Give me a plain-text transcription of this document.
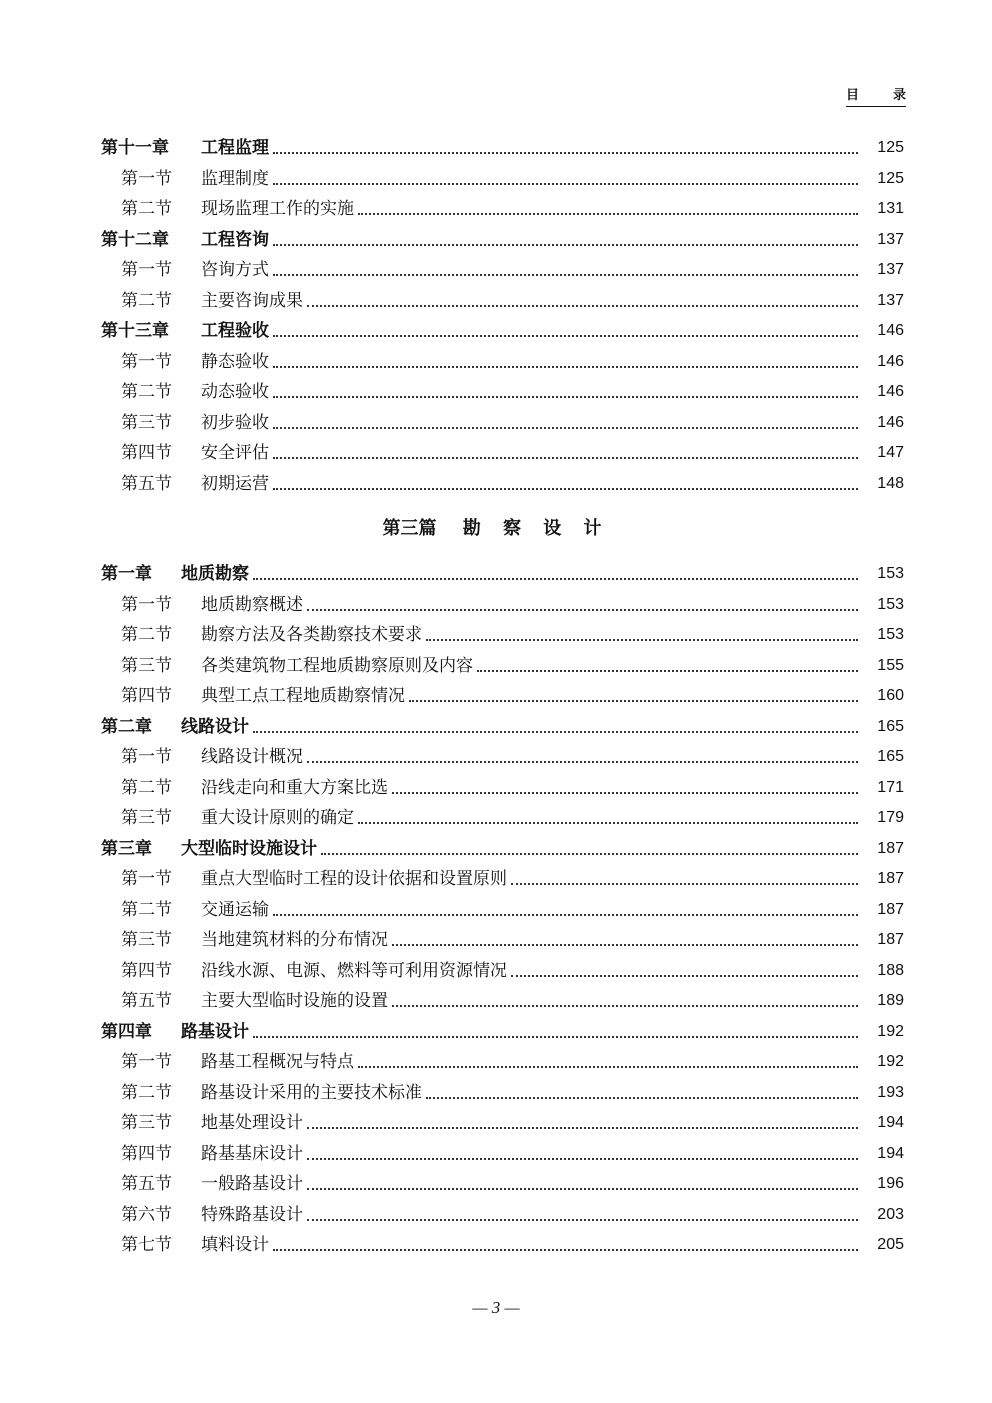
目	录
第十一章	工程监理	125
第一节	监理制度	125
第二节	现场监理工作的实施	131
第十二章	工程咨询	137
第一节	咨询方式	137
第二节	主要咨询成果	137
第十三章	工程验收	146
第一节	静态验收	146
第二节	动态验收	146
第三节	初步验收	146
第四节	安全评估	147
第五节	初期运营	148
第一章	地质勘察	153
第一节	地质勘察概述	153
第二节	勘察方法及各类勘察技术要求	153
第三节	各类建筑物工程地质勘察原则及内容	155
第四节	典型工点工程地质勘察情况	160
第二章	线路设计	165
第一节	线路设计概况	165
第二节	沿线走向和重大方案比选	171
第三节	重大设计原则的确定	179
第三章	大型临时设施设计	187
第一节	重点大型临时工程的设计依据和设置原则	187
第二节	交通运输	187
第三节	当地建筑材料的分布情况	187
第四节	沿线水源、电源、燃料等可利用资源情况	188
第五节	主要大型临时设施的设置	189
第四章	路基设计	192
第一节	路基工程概况与特点	192
第二节	路基设计采用的主要技术标准	193
第三节	地基处理设计	194
第四节	路基基床设计	194
第五节	一般路基设计	196
第六节	特殊路基设计	203
第七节	填料设计	205
第三篇 勘 察 设 计
— 3 —
